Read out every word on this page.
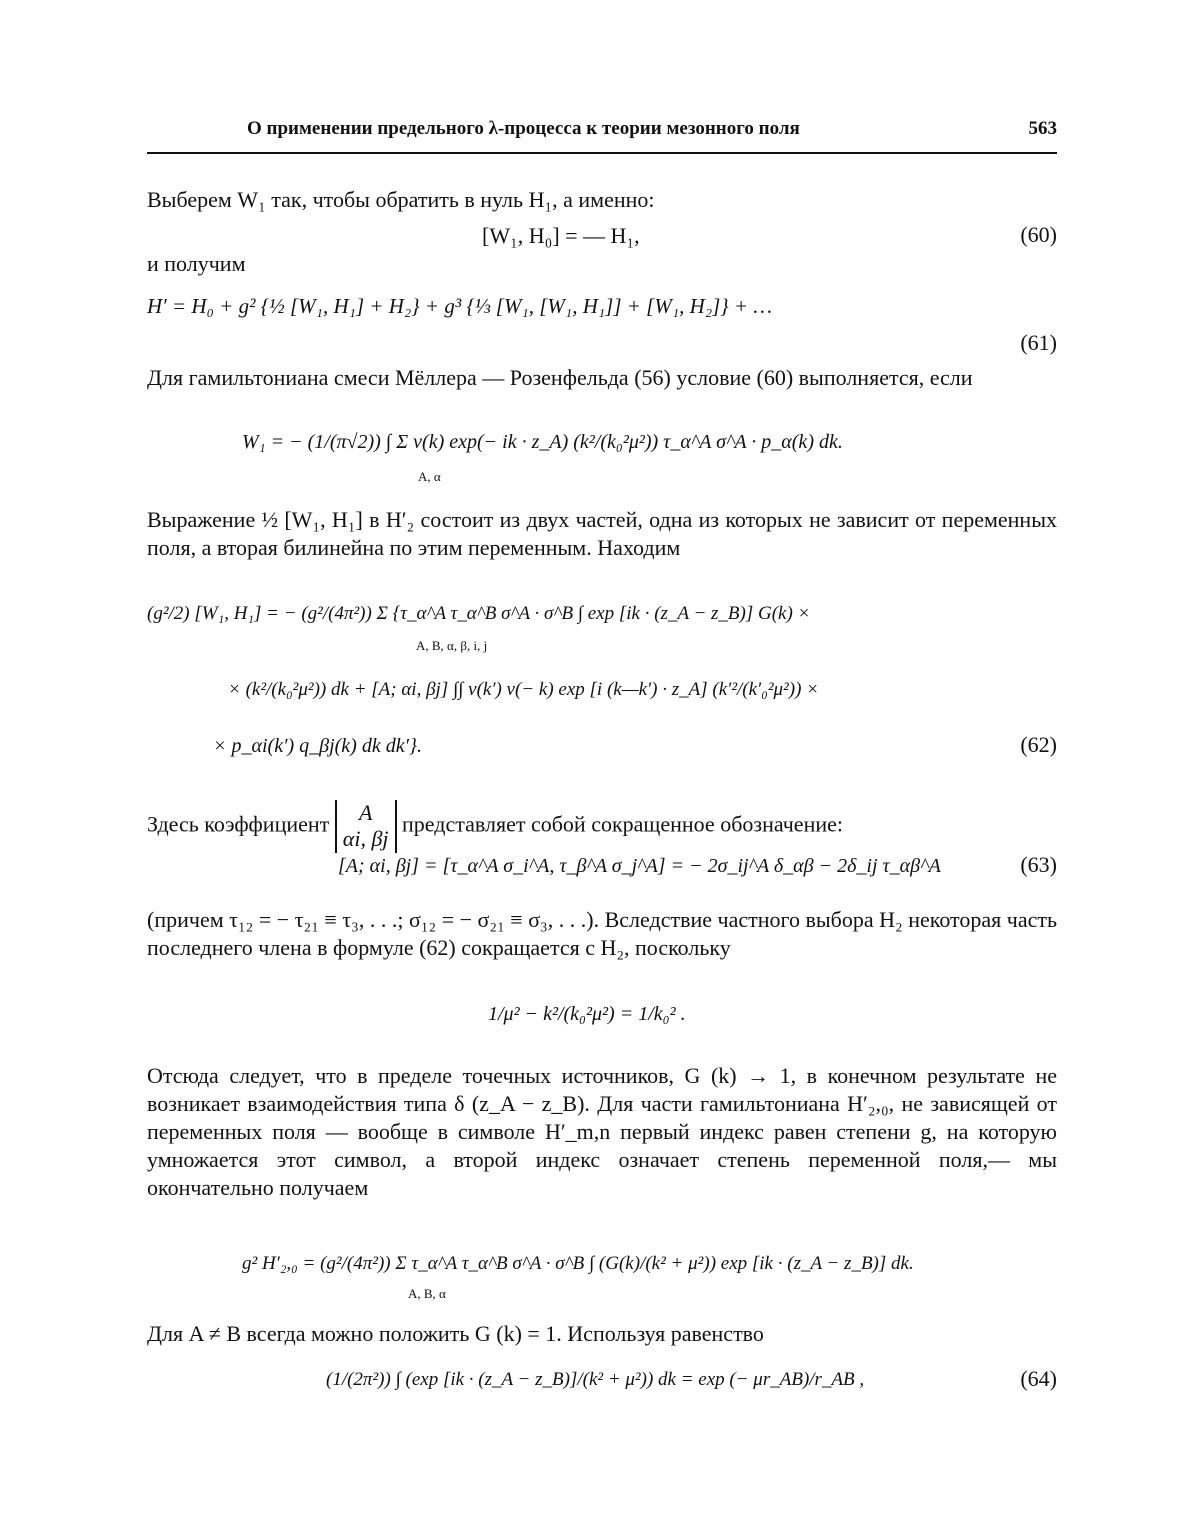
О применении предельного λ-процесса к теории мезонного поля	563
Выберем W₁ так, чтобы обратить в нуль H₁, а именно:
[W₁, H₀] = — H₁,	(60)
и получим
H′ = H₀ + g² {½ [W₁, H₁] + H₂} + g³ {⅓ [W₁, [W₁, H₁]] + [W₁, H₂]} + …
(61)
Для гамильтониана смеси Мёллера — Розенфельда (56) условие (60) выполняется, если
W₁ = − (1/(π√2)) ∫ Σ v(k) exp(− ik · z_A) (k²/(k₀²μ²)) τ_α^A σ^A · p_α(k) dk.
A, α
Выражение ½ [W₁, H₁] в H′₂ состоит из двух частей, одна из которых не зависит от переменных поля, а вторая билинейна по этим переменным. Находим
(g²/2) [W₁, H₁] = − (g²/(4π²)) Σ {τ_α^A τ_α^B σ^A · σ^B ∫ exp [ik · (z_A − z_B)] G(k) ×
A, B, α, β, i, j
× (k²/(k₀²μ²)) dk + [A; αi, βj] ∫∫ v(k′) v(− k) exp [i (k—k′) · z_A] (k′²/(k′₀²μ²)) ×
× p_αi(k′) q_βj(k) dk dk′}.	(62)
Здесь коэффициент A
αi, βj
представляет собой сокращенное обозначение:
[A; αi, βj] = [τ_α^A σ_i^A, τ_β^A σ_j^A] = − 2σ_ij^A δ_αβ − 2δ_ij τ_αβ^A	(63)
(причем τ₁₂ = − τ₂₁ ≡ τ₃, . . .; σ₁₂ = − σ₂₁ ≡ σ₃, . . .). Вследствие частного выбора H₂ некоторая часть последнего члена в формуле (62) сокращается с H₂, поскольку
1/μ² − k²/(k₀²μ²) = 1/k₀² .
Отсюда следует, что в пределе точечных источников, G (k) → 1, в конечном результате не возникает взаимодействия типа δ (z_A − z_B). Для части гамильтониана H′₂,₀, не зависящей от переменных поля — вообще в символе H′_m,n первый индекс равен степени g, на которую умножается этот символ, а второй индекс означает степень переменной поля,— мы окончательно получаем
g² H′₂,₀ = (g²/(4π²)) Σ τ_α^A τ_α^B σ^A · σ^B ∫ (G(k)/(k² + μ²)) exp [ik · (z_A − z_B)] dk.
A, B, α
Для A ≠ B всегда можно положить G (k) = 1. Используя равенство
(1/(2π²)) ∫ (exp [ik · (z_A − z_B)]/(k² + μ²)) dk = exp (− μr_AB)/r_AB ,	(64)
